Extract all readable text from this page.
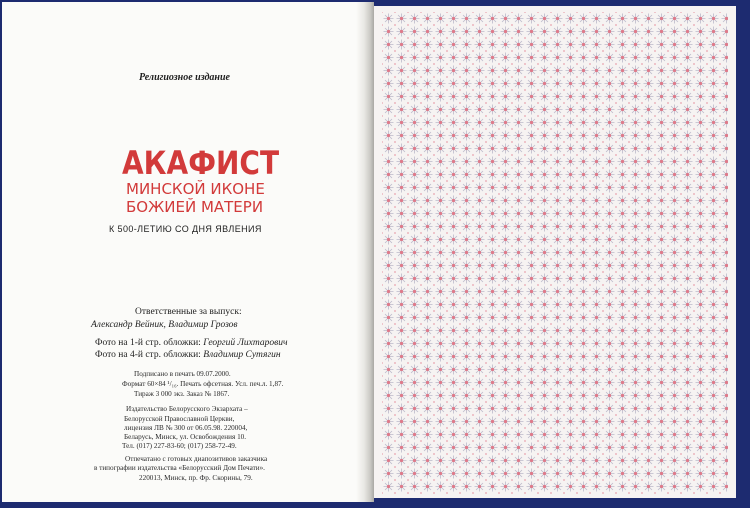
Религиозное издание
АКАФИСТ
МИНСКОЙ ИКОНЕ
БОЖИЕЙ МАТЕРИ
К 500-ЛЕТИЮ СО ДНЯ ЯВЛЕНИЯ
Ответственные за выпуск:
Александр Вейник, Владимир Грозов
Фото на 1-й стр. обложки: Георгий Лихтарович
Фото на 4-й стр. обложки: Владимир Сутягин
Подписано в печать 09.07.2000.
Формат 60×84 ¹/₁₆. Печать офсетная. Усл. печ.л. 1,87.
Тираж 3 000 экз. Заказ № 1867.
Издательство Белорусского Экзархата –
Белорусской Православной Церкви,
лицензия ЛВ № 300 от 06.05.98. 220004,
Беларусь, Минск, ул. Освобождения 10.
Тел. (017) 227-83-60; (017) 258-72-49.
Отпечатано с готовых диапозитивов заказчика
в типографии издательства «Белорусский Дом Печати».
220013, Минск, пр. Фр. Скорины, 79.
